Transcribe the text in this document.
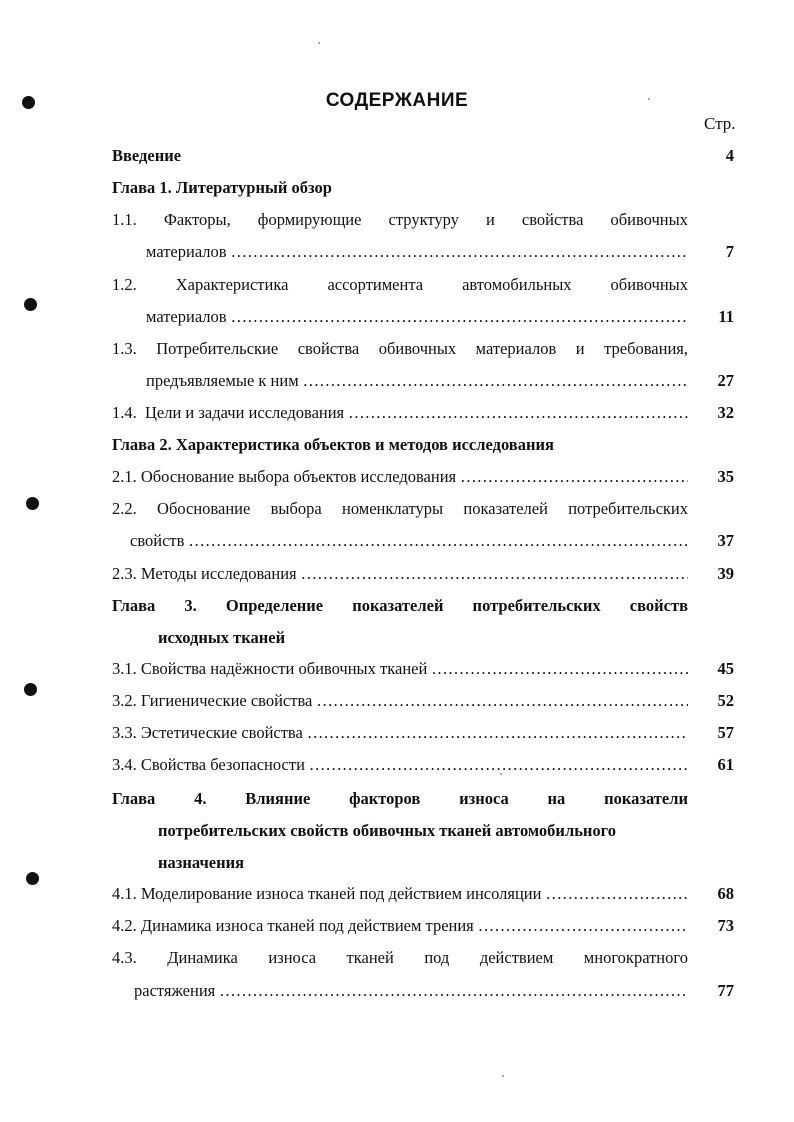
СОДЕРЖАНИЕ
Стр.
Введение	4
Глава 1. Литературный обзор
1.1. Факторы, формирующие структуру и свойства обивочных
материалов ……………………………………………………………………………………………………………………………………	7
1.2. Характеристика ассортимента автомобильных обивочных
материалов ……………………………………………………………………………………………………………………………………	11
1.3. Потребительские свойства обивочных материалов и требования,
предъявляемые к ним ……………………………………………………………………………………………………………………………………	27
1.4.  Цели и задачи исследования ……………………………………………………………………………………………………………………………………	32
Глава 2. Характеристика объектов и методов исследования
2.1. Обоснование выбора объектов исследования ……………………………………………………………………………………………………………………………………	35
2.2. Обоснование выбора номенклатуры показателей потребительских
свойств ……………………………………………………………………………………………………………………………………	37
2.3. Методы исследования ……………………………………………………………………………………………………………………………………	39
Глава 3. Определение показателей потребительских свойств
исходных тканей
3.1. Свойства надёжности обивочных тканей ……………………………………………………………………………………………………………………………………	45
3.2. Гигиенические свойства ……………………………………………………………………………………………………………………………………	52
3.3. Эстетические свойства ……………………………………………………………………………………………………………………………………	57
3.4. Свойства безопасности ……………………………………………………………………………………………………………………………………	61
Глава 4. Влияние факторов износа на показатели
потребительских свойств обивочных тканей автомобильного
назначения
4.1. Моделирование износа тканей под действием инсоляции ……………………………………………………………………………………………………………………………………	68
4.2. Динамика износа тканей под действием трения ……………………………………………………………………………………………………………………………………	73
4.3. Динамика износа тканей под действием многократного
растяжения ……………………………………………………………………………………………………………………………………	77
